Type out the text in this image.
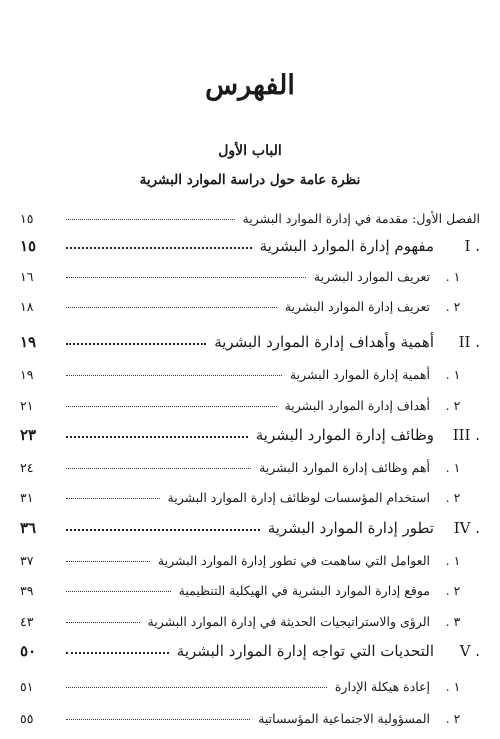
الفهرس
الباب الأول
نظرة عامة حول دراسة الموارد البشرية
الفصل الأول: مقدمة في إدارة الموارد البشرية
١٥
I .
مفهوم إدارة الموارد البشرية
١٥
١ .
تعريف الموارد البشرية
١٦
٢ .
تعريف إدارة الموارد البشرية
١٨
II .
أهمية وأهداف إدارة الموارد البشرية
١٩
١ .
أهمية إدارة الموارد البشرية
١٩
٢ .
أهداف إدارة الموارد البشرية
٢١
III .
وظائف إدارة الموارد البشرية
٢٣
١ .
أهم وظائف إدارة الموارد البشرية
٢٤
٢ .
استخدام المؤسسات لوظائف إدارة الموارد البشرية
٣١
IV .
تطور إدارة الموارد البشرية
٣٦
١ .
العوامل التي ساهمت في تطور إدارة الموارد البشرية
٣٧
٢ .
موقع إدارة الموارد البشرية في الهيكلية التنظيمية
٣٩
٣ .
الرؤى والاستراتيجيات الحديثة في إدارة الموارد البشرية
٤٣
V .
التحديات التي تواجه إدارة الموارد البشرية
٥٠
١ .
إعادة هيكلة الإدارة
٥١
٢ .
المسؤولية الاجتماعية المؤسساتية
٥٥
